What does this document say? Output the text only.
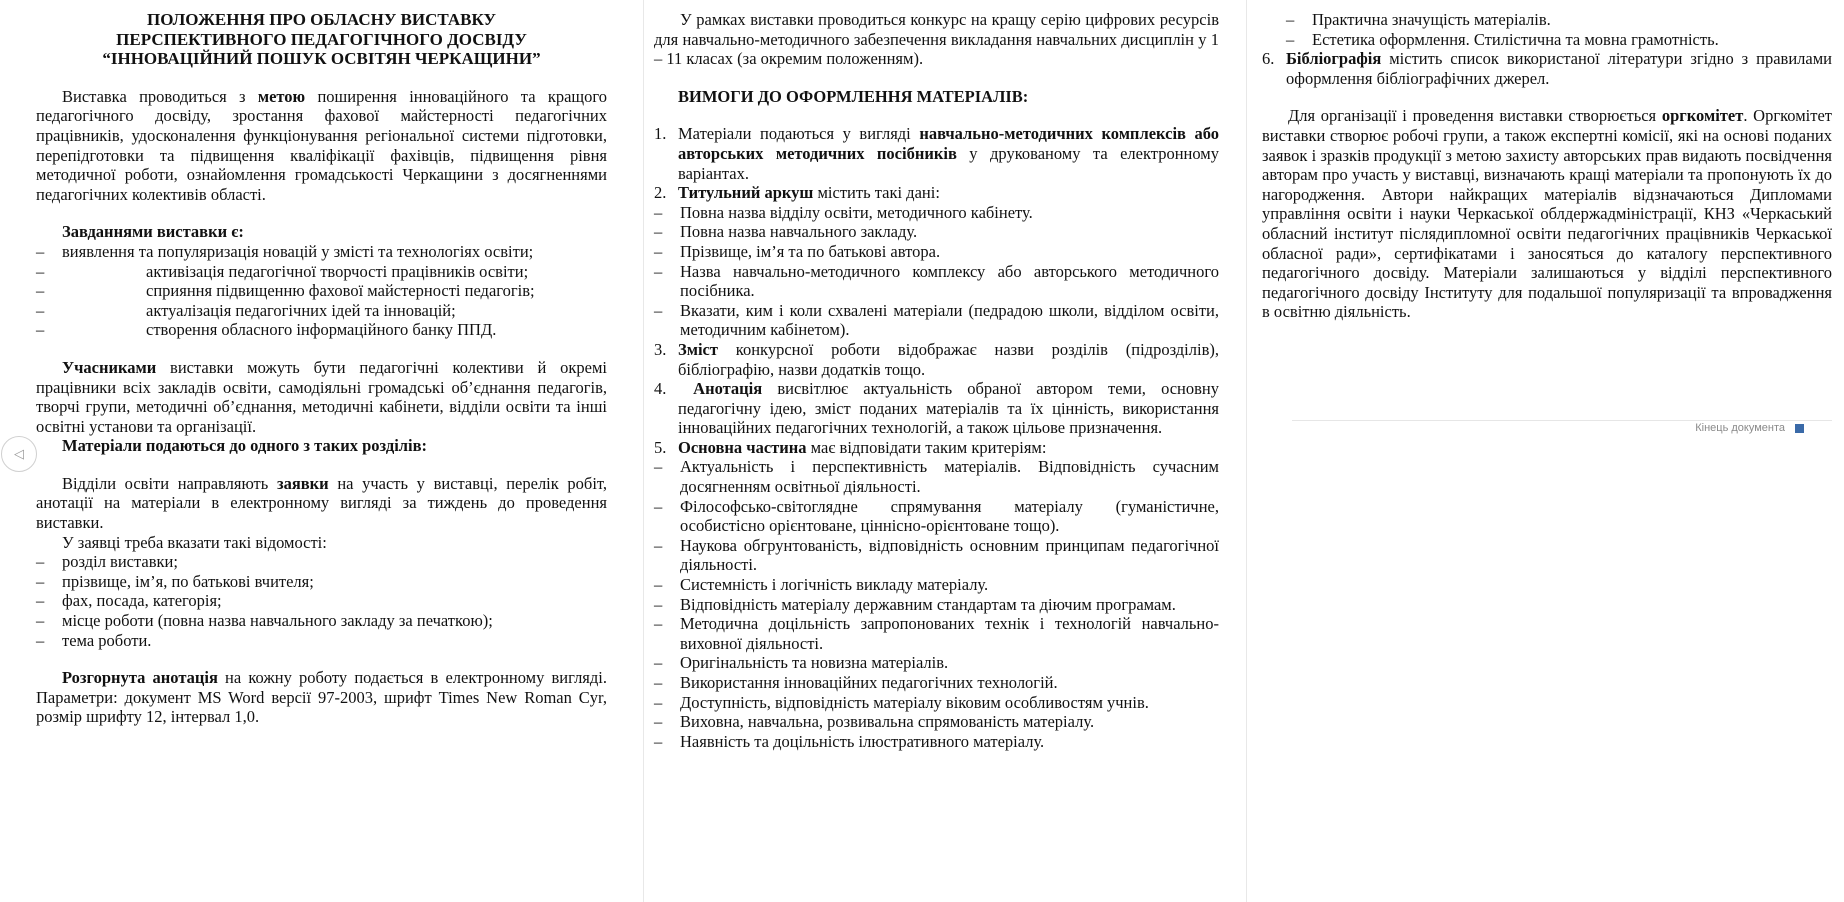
◁
ПОЛОЖЕННЯ ПРО ОБЛАСНУ ВИСТАВКУ
ПЕРСПЕКТИВНОГО ПЕДАГОГІЧНОГО ДОСВІДУ
“ІННОВАЦІЙНИЙ ПОШУК ОСВІТЯН ЧЕРКАЩИНИ”

Виставка проводиться з метою поширення інноваційного та кращого педагогічного досвіду, зростання фахової майстерності педагогічних працівників, удосконалення функціонування регіональної системи підготовки, перепідготовки та підвищення кваліфікації фахівців, підвищення рівня методичної роботи, ознайомлення громадськості Черкащини з досягненнями педагогічних колективів області.

Завданнями виставки є:

– виявлення та популяризація новацій у змісті та технологіях освіти;
– активізація педагогічної творчості працівників освіти;
– сприяння підвищенню фахової майстерності педагогів;
– актуалізація педагогічних ідей та інновацій;
– створення обласного інформаційного банку ППД.

Учасниками виставки можуть бути педагогічні колективи й окремі працівники всіх закладів освіти, самодіяльні громадські об’єднання педагогів, творчі групи, методичні об’єднання, методичні кабінети, відділи освіти та інші освітні установи та організації.

Матеріали подаються до одного з таких розділів:

Відділи освіти направляють заявки на участь у виставці, перелік робіт, анотації на матеріали в електронному вигляді за тиждень до проведення виставки.

У заявці треба вказати такі відомості:

– розділ виставки;
– прізвище, ім’я, по батькові вчителя;
– фах, посада, категорія;
– місце роботи (повна назва навчального закладу за печаткою);
– тема роботи.

Розгорнута анотація на кожну роботу подається в електронному вигляді. Параметри: документ MS Word версії 97-2003, шрифт Times New Roman Cyr, розмір шрифту 12, інтервал 1,0.

У рамках виставки проводиться конкурс на кращу серію цифрових ресурсів для навчально-методичного забезпечення викладання навчальних дисциплін у 1 – 11 класах (за окремим положенням).

ВИМОГИ ДО ОФОРМЛЕННЯ МАТЕРІАЛІВ:

1. Матеріали подаються у вигляді навчально-методичних комплексів або авторських методичних посібників у друкованому та електронному варіантах.
2. Титульний аркуш містить такі дані:
– Повна назва відділу освіти, методичного кабінету.
– Повна назва навчального закладу.
– Прізвище, ім’я та по батькові автора.
– Назва навчально-методичного комплексу або авторського методичного посібника.
– Вказати, ким і коли схвалені матеріали (педрадою школи, відділом освіти, методичним кабінетом).
3. Зміст конкурсної роботи відображає назви розділів (підрозділів), бібліографію, назви додатків тощо.
4. Анотація висвітлює актуальність обраної автором теми, основну педагогічну ідею, зміст поданих матеріалів та їх цінність, використання інноваційних педагогічних технологій, а також цільове призначення.
5. Основна частина має відповідати таким критеріям:
– Актуальність і перспективність матеріалів. Відповідність сучасним досягненням освітньої діяльності.
– Філософсько-світоглядне спрямування матеріалу (гуманістичне, особистісно орієнтоване, ціннісно-орієнтоване тощо).
– Наукова обгрунтованість, відповідність основним принципам педагогічної діяльності.
– Системність і логічність викладу матеріалу.
– Відповідність матеріалу державним стандартам та діючим програмам.
– Методична доцільність запропонованих технік і технологій навчально-виховної діяльності.
– Оригінальність та новизна матеріалів.
– Використання інноваційних педагогічних технологій.
– Доступність, відповідність матеріалу віковим особливостям учнів.
– Виховна, навчальна, розвивальна спрямованість матеріалу.
– Наявність та доцільність ілюстративного матеріалу.
– Практична значущість матеріалів.
– Естетика оформлення. Стилістична та мовна грамотність.
6. Бібліографія містить список використаної літератури згідно з правилами оформлення бібліографічних джерел.

Для організації і проведення виставки створюється оргкомітет. Оргкомітет виставки створює робочі групи, а також експертні комісії, які на основі поданих заявок і зразків продукції з метою захисту авторських прав видають посвідчення авторам про участь у виставці, визначають кращі матеріали та пропонують їх до нагородження. Автори найкращих матеріалів відзначаються Дипломами управління освіти і науки Черкаської облдержадміністрації, КНЗ «Черкаський обласний інститут післядипломної освіти педагогічних працівників Черкаської обласної ради», сертифікатами і заносяться до каталогу перспективного педагогічного досвіду. Матеріали залишаються у відділі перспективного педагогічного досвіду Інституту для подальшої популяризації та впровадження в освітню діяльність.

Кінець документа
